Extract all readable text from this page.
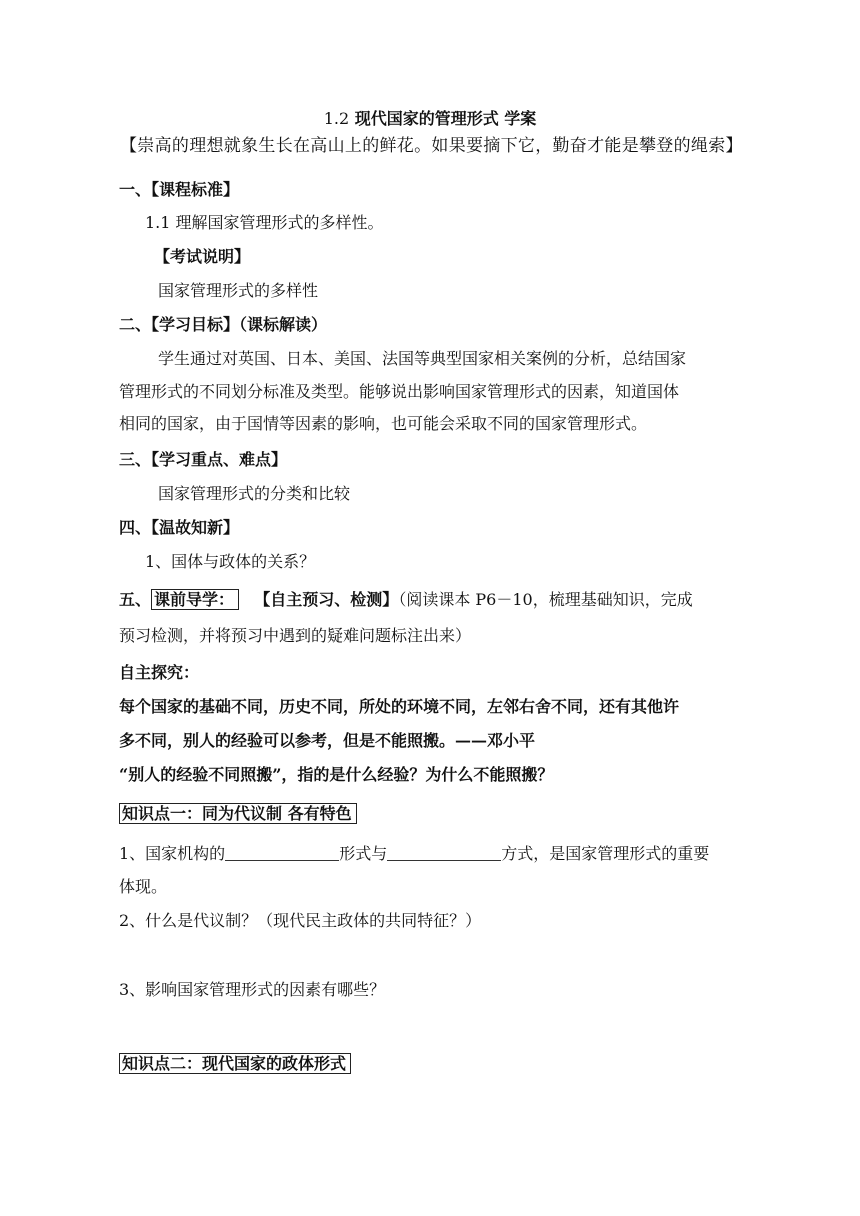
1.2 现代国家的管理形式 学案
【崇高的理想就象生长在高山上的鲜花。如果要摘下它，勤奋才能是攀登的绳索】
一、【课程标准】
1.1 理解国家管理形式的多样性。
【考试说明】
国家管理形式的多样性
二、【学习目标】（课标解读）
学生通过对英国、日本、美国、法国等典型国家相关案例的分析，总结国家
管理形式的不同划分标准及类型。能够说出影响国家管理形式的因素，知道国体
相同的国家，由于国情等因素的影响，也可能会采取不同的国家管理形式。
三、【学习重点、难点】
国家管理形式的分类和比较
四、【温故知新】
1、国体与政体的关系？
五、 课前导学： 【自主预习、检测】（阅读课本 P6－10，梳理基础知识，完成
预习检测，并将预习中遇到的疑难问题标注出来）
自主探究：
每个国家的基础不同，历史不同，所处的环境不同，左邻右舍不同，还有其他许
多不同，别人的经验可以参考，但是不能照搬。——邓小平
“别人的经验不同照搬”，指的是什么经验？为什么不能照搬？
知识点一：同为代议制 各有特色
1、国家机构的	形式与	方式，是国家管理形式的重要
体现。
2、什么是代议制？（现代民主政体的共同特征？）
3、影响国家管理形式的因素有哪些？
知识点二：现代国家的政体形式
